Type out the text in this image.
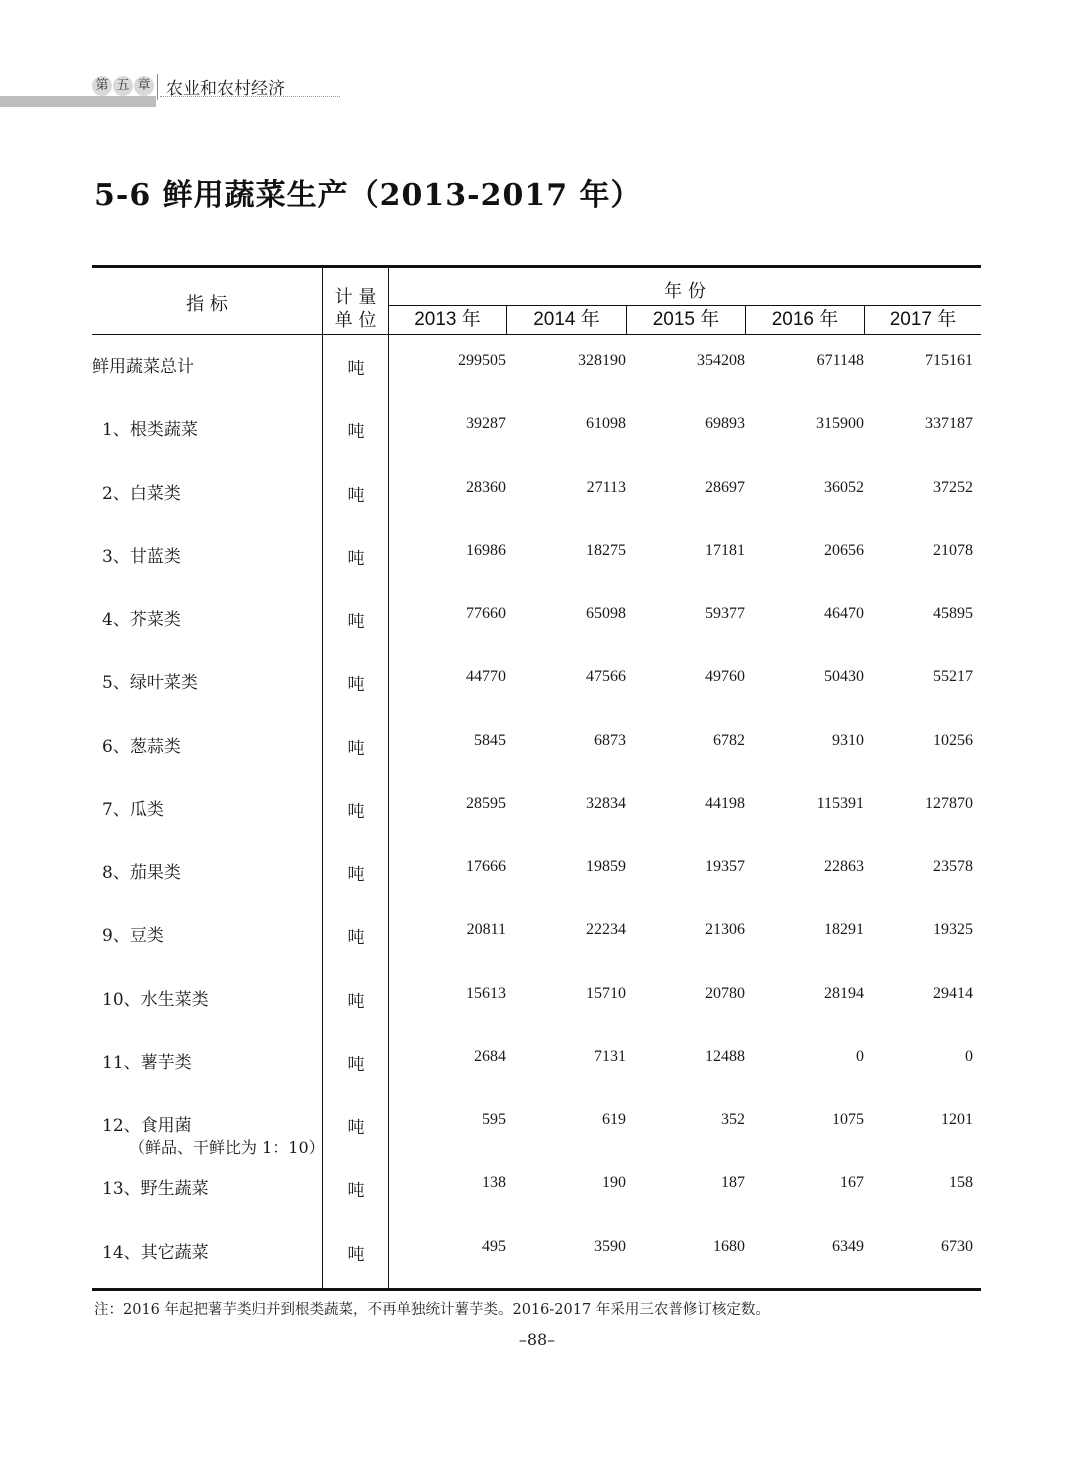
第 五 章 农业和农村经济
5-6 鲜用蔬菜生产（2013-2017 年）
指 标	计 量
单 位
年 份
2013 年	2014 年	2015 年	2016 年	2017 年
鲜用蔬菜总计	吨	299505	328190	354208	671148	715161
1、根类蔬菜	吨	39287	61098	69893	315900	337187
2、白菜类	吨	28360	27113	28697	36052	37252
3、甘蓝类	吨	16986	18275	17181	20656	21078
4、芥菜类	吨	77660	65098	59377	46470	45895
5、绿叶菜类	吨	44770	47566	49760	50430	55217
6、葱蒜类	吨	5845	6873	6782	9310	10256
7、瓜类	吨	28595	32834	44198	115391	127870
8、茄果类	吨	17666	19859	19357	22863	23578
9、豆类	吨	20811	22234	21306	18291	19325
10、水生菜类	吨	15613	15710	20780	28194	29414
11、薯芋类	吨	2684	7131	12488	0	0
12、食用菌
（鲜品、干鲜比为 1：10）
吨	595	619	352	1075	1201
13、野生蔬菜	吨	138	190	187	167	158
14、其它蔬菜	吨	495	3590	1680	6349	6730
注：2016 年起把薯芋类归并到根类蔬菜，不再单独统计薯芋类。2016-2017 年采用三农普修订核定数。
–88–
